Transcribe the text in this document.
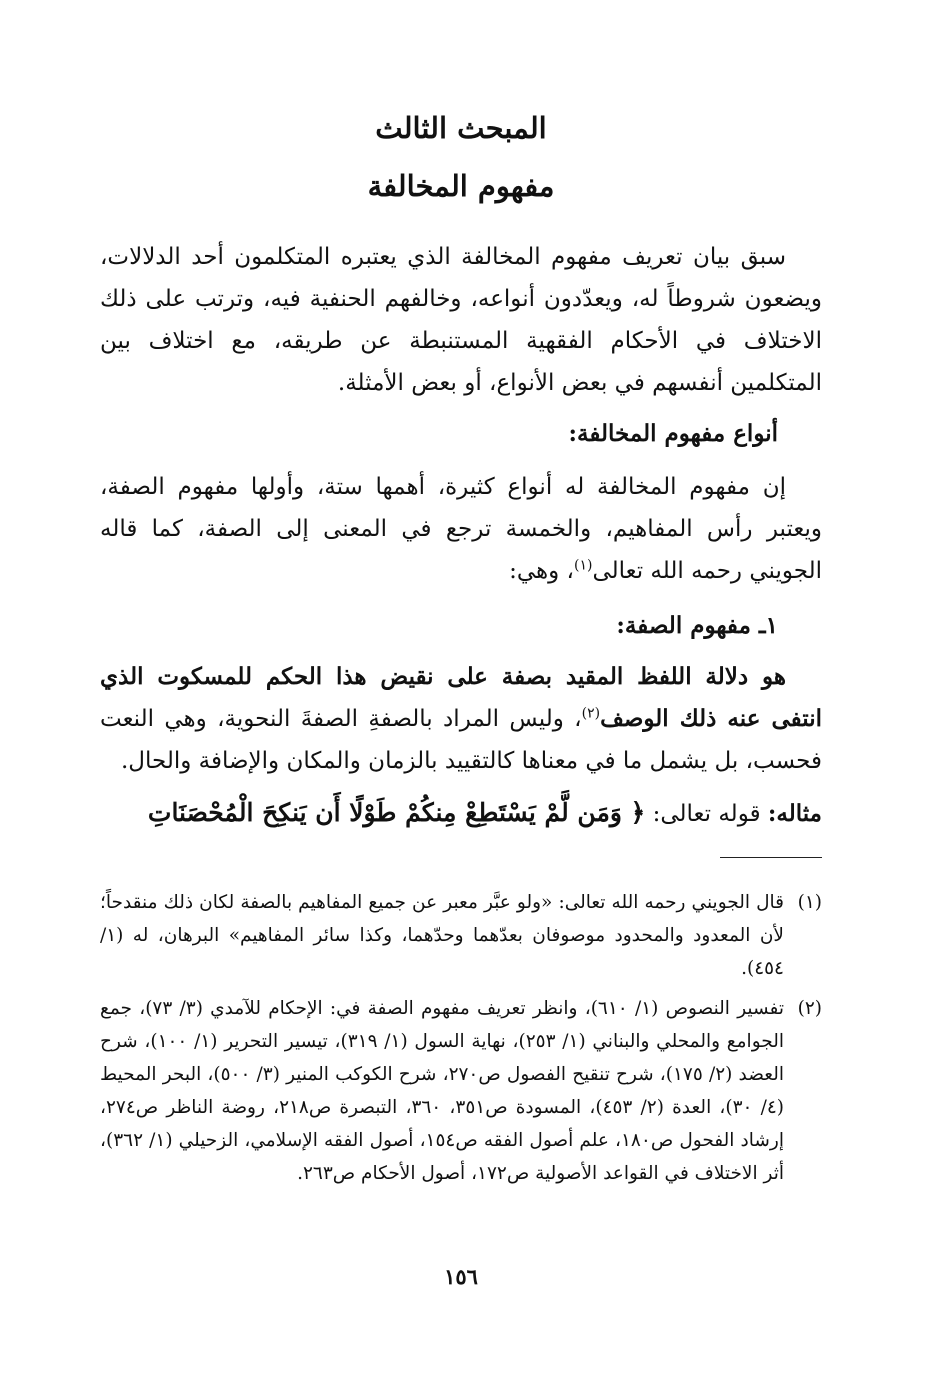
المبحث الثالث
مفهوم المخالفة

سبق بيان تعريف مفهوم المخالفة الذي يعتبره المتكلمون أحد الدلالات، ويضعون شروطاً له، ويعدّدون أنواعه، وخالفهم الحنفية فيه، وترتب على ذلك الاختلاف في الأحكام الفقهية المستنبطة عن طريقه، مع اختلاف بين المتكلمين أنفسهم في بعض الأنواع، أو بعض الأمثلة.

أنواع مفهوم المخالفة:

إن مفهوم المخالفة له أنواع كثيرة، أهمها ستة، وأولها مفهوم الصفة، ويعتبر رأس المفاهيم، والخمسة ترجع في المعنى إلى الصفة، كما قاله الجويني رحمه الله تعالى$^{(١)}$، وهي:

١ـ مفهوم الصفة:

هو دلالة اللفظ المقيد بصفة على نقيض هذا الحكم للمسكوت الذي انتفى عنه ذلك الوصف$^{(٢)}$، وليس المراد بالصفةِ الصفةَ النحوية، وهي النعت فحسب، بل يشمل ما في معناها كالتقييد بالزمان والمكان والإضافة والحال.

مثاله: قوله تعالى: ﴿ وَمَن لَّمْ يَسْتَطِعْ مِنكُمْ طَوْلًا أَن يَنكِحَ الْمُحْصَنَاتِ

(١)
قال الجويني رحمه الله تعالى: «ولو عبَّر معبر عن جميع المفاهيم بالصفة لكان ذلك منقدحاً؛ لأن المعدود والمحدود موصوفان بعدّهما وحدّهما، وكذا سائر المفاهيم» البرهان، له (١/ ٤٥٤).
(٢)
تفسير النصوص (١/ ٦١٠)، وانظر تعريف مفهوم الصفة في: الإحكام للآمدي (٣/ ٧٣)، جمع الجوامع والمحلي والبناني (١/ ٢٥٣)، نهاية السول (١/ ٣١٩)، تيسير التحرير (١/ ١٠٠)، شرح العضد (٢/ ١٧٥)، شرح تنقيح الفصول ص٢٧٠، شرح الكوكب المنير (٣/ ٥٠٠)، البحر المحيط (٤/ ٣٠)، العدة (٢/ ٤٥٣)، المسودة ص٣٥١، ٣٦٠، التبصرة ص٢١٨، روضة الناظر ص٢٧٤، إرشاد الفحول ص١٨٠، علم أصول الفقه ص١٥٤، أصول الفقه الإسلامي، الزحيلي (١/ ٣٦٢)، أثر الاختلاف في القواعد الأصولية ص١٧٢، أصول الأحكام ص٢٦٣.

١٥٦
